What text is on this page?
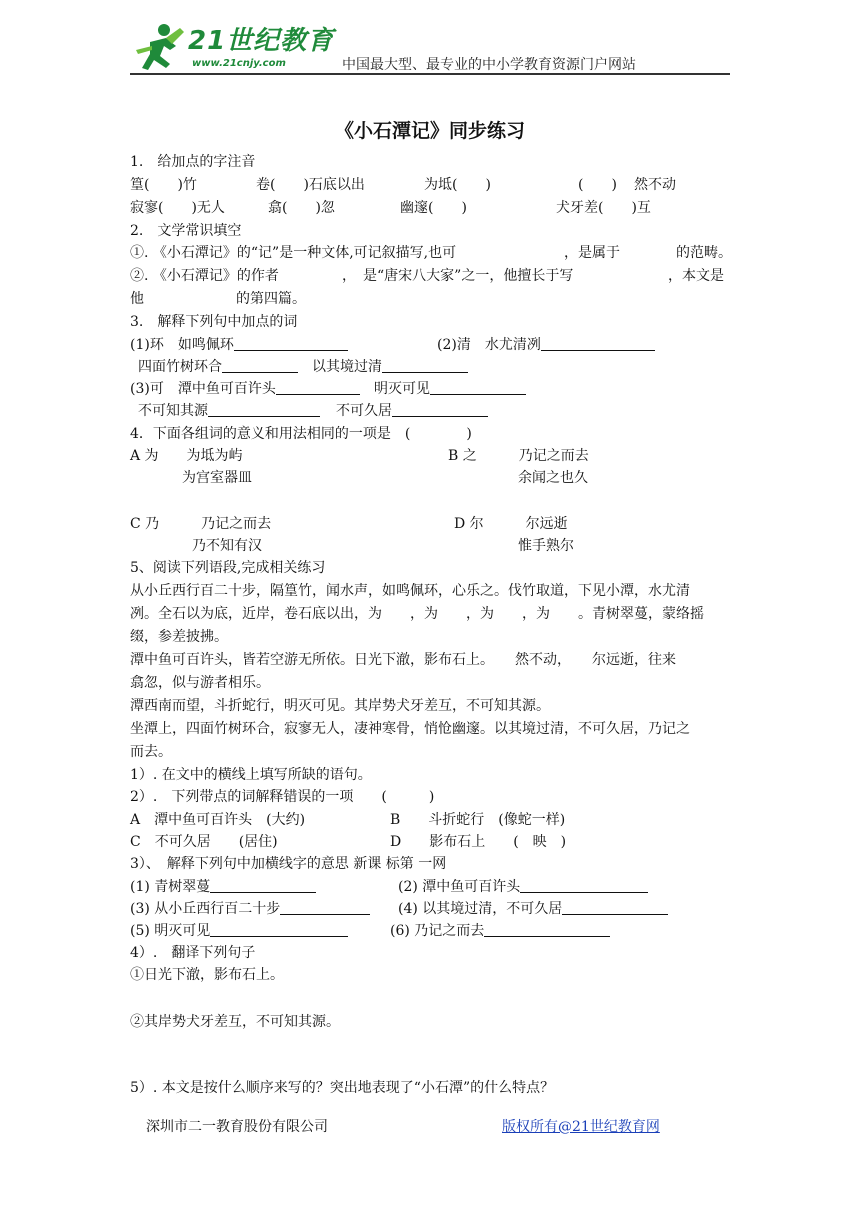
21世纪教育
www.21cnjy.com	中国最大型、最专业的中小学教育资源门户网站
《小石潭记》同步练习
1.　给加点的字注音
篁(　　)竹	卷(　　)石底以出	为坻(　　)	(　　) 然不动
寂寥(　　)无人	翕(　　)忽	幽邃(　　)	犬牙差(　　)互
2.　文学常识填空
①. 《小石潭记》的“记”是一种文体,可记叙描写,也可	，是属于	的范畴。
②. 《小石潭记》的作者	，　是“唐宋八大家”之一，他擅长于写	，本文是
他	的第四篇。
3.　解释下列句中加点的词
(1)环　如鸣佩环	(2)清　水尤清冽
四面竹树环合	以其境过清
(3)可　潭中鱼可百许头	明灭可见
不可知其源	不可久居
4．下面各组词的意义和用法相同的一项是　(　　　　)
A 为　　为坻为屿
为宫室器皿
B 之　　　乃记之而去
余闻之也久
C 乃　　　乃记之而去
乃不知有汉
D 尔　　　尔远逝
惟手熟尔
5、阅读下列语段,完成相关练习
从小丘西行百二十步，隔篁竹，闻水声，如鸣佩环，心乐之。伐竹取道，下见小潭，水尤清
冽。全石以为底，近岸，卷石底以出，为　　，为　　，为　　，为　　。青树翠蔓，蒙络摇
缀，参差披拂。
潭中鱼可百许头，皆若空游无所依。日光下澈，影布石上。　　然不动，　　尔远逝，往来
翕忽，似与游者相乐。
潭西南而望，斗折蛇行，明灭可见。其岸势犬牙差互，不可知其源。
坐潭上，四面竹树环合，寂寥无人，凄神寒骨，悄怆幽邃。以其境过清，不可久居，乃记之
而去。
1）. 在文中的横线上填写所缺的语句。
2）.　下列带点的词解释错误的一项　　(　　　)
A　潭中鱼可百许头　(大约)	B　　斗折蛇行　(像蛇一样)
C　不可久居　　(居住)	D　　影布石上　　(　映　)
3）、　解释下列句中加横线字的意思 新课 标第 一网
(1) 青树翠蔓	(2) 潭中鱼可百许头
(3) 从小丘西行百二十步	(4) 以其境过清，不可久居
(5) 明灭可见	(6) 乃记之而去
4）.　翻译下列句子
①日光下澈，影布石上。
②其岸势犬牙差互，不可知其源。
5）. 本文是按什么顺序来写的？突出地表现了“小石潭”的什么特点？
深圳市二一教育股份有限公司	版权所有@21世纪教育网
